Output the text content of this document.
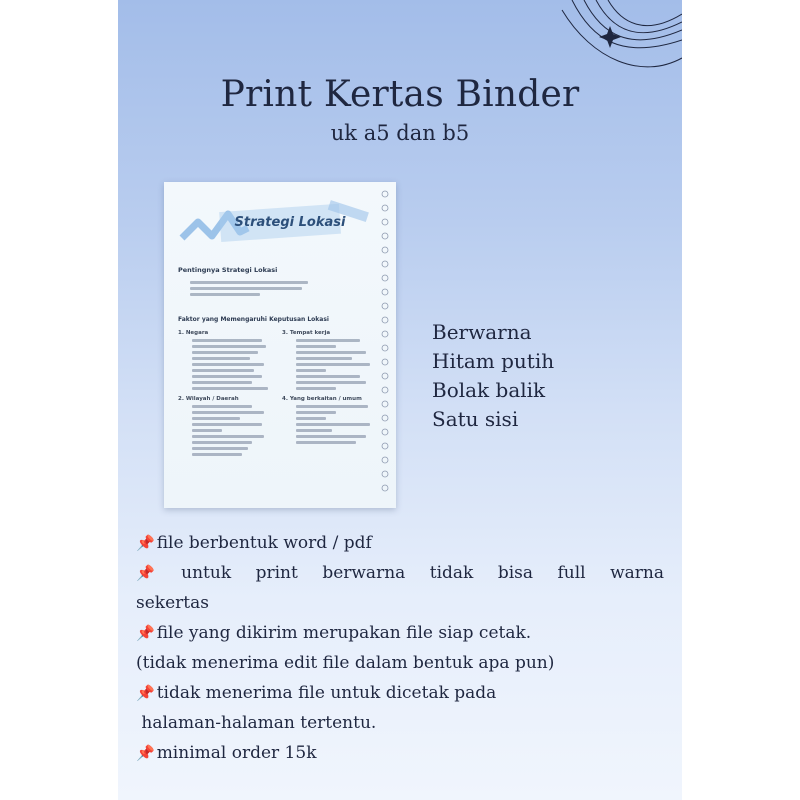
Print Kertas Binder
uk a5 dan b5
Strategi Lokasi
Pentingnya Strategi Lokasi
Faktor yang Memengaruhi Keputusan Lokasi
1. Negara
2. Wilayah / Daerah
3. Tempat kerja
4. Yang berkaitan / umum
Berwarna
Hitam putih
Bolak balik
Satu sisi
📌 file berbentuk word / pdf
📌 untuk print berwarna tidak bisa full warna
sekertas
📌 file yang dikirim merupakan file siap cetak.
(tidak menerima edit file dalam bentuk apa pun)
📌 tidak menerima file untuk dicetak pada
halaman-halaman tertentu.
📌 minimal order 15k
